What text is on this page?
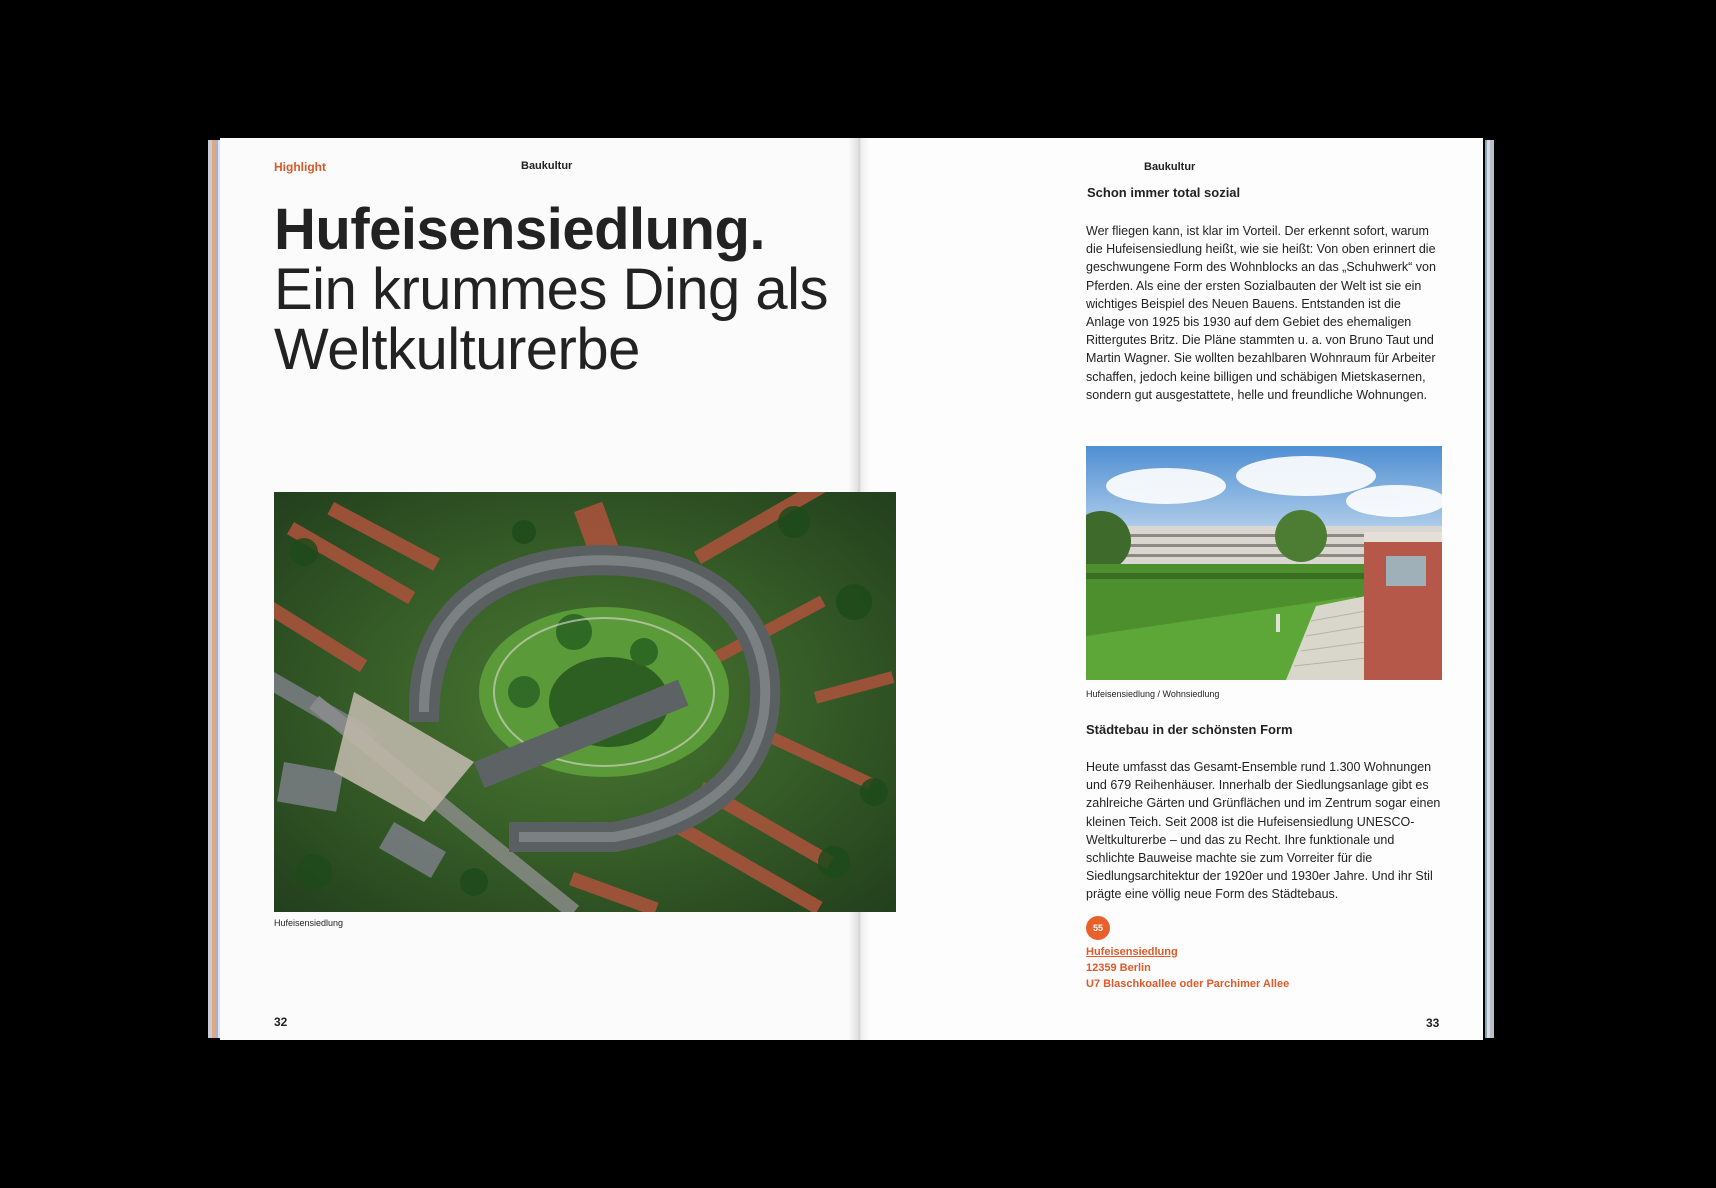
Highlight	Baukultur
Hufeisensiedlung.
Ein krummes Ding als Weltkulturerbe
Hufeisensiedlung
32
Baukultur
Schon immer total sozial
Wer fliegen kann, ist klar im Vorteil. Der erkennt sofort, warum die Hufeisensiedlung heißt, wie sie heißt: Von oben erinnert die geschwungene Form des Wohnblocks an das „Schuhwerk“ von Pferden. Als eine der ersten Sozialbauten der Welt ist sie ein wichtiges Beispiel des Neuen Bauens. Entstanden ist die Anlage von 1925 bis 1930 auf dem Gebiet des ehemaligen Rittergutes Britz. Die Pläne stammten u. a. von Bruno Taut und Martin Wagner. Sie wollten bezahlbaren Wohnraum für Arbeiter schaffen, jedoch keine billigen und schäbigen Mietskasernen, sondern gut ausgestattete, helle und freundliche Wohnungen.
Hufeisensiedlung / Wohnsiedlung
Städtebau in der schönsten Form
Heute umfasst das Gesamt-Ensemble rund 1.300 Wohnungen und 679 Reihenhäuser. Innerhalb der Siedlungsanlage gibt es zahlreiche Gärten und Grünflächen und im Zentrum sogar einen kleinen Teich. Seit 2008 ist die Hufeisensiedlung UNESCO-Weltkulturerbe – und das zu Recht. Ihre funktionale und schlichte Bauweise machte sie zum Vorreiter für die Siedlungsarchitektur der 1920er und 1930er Jahre. Und ihr Stil prägte eine völlig neue Form des Städtebaus.
55
Hufeisensiedlung
12359 Berlin
U7 Blaschkoallee oder Parchimer Allee
33
